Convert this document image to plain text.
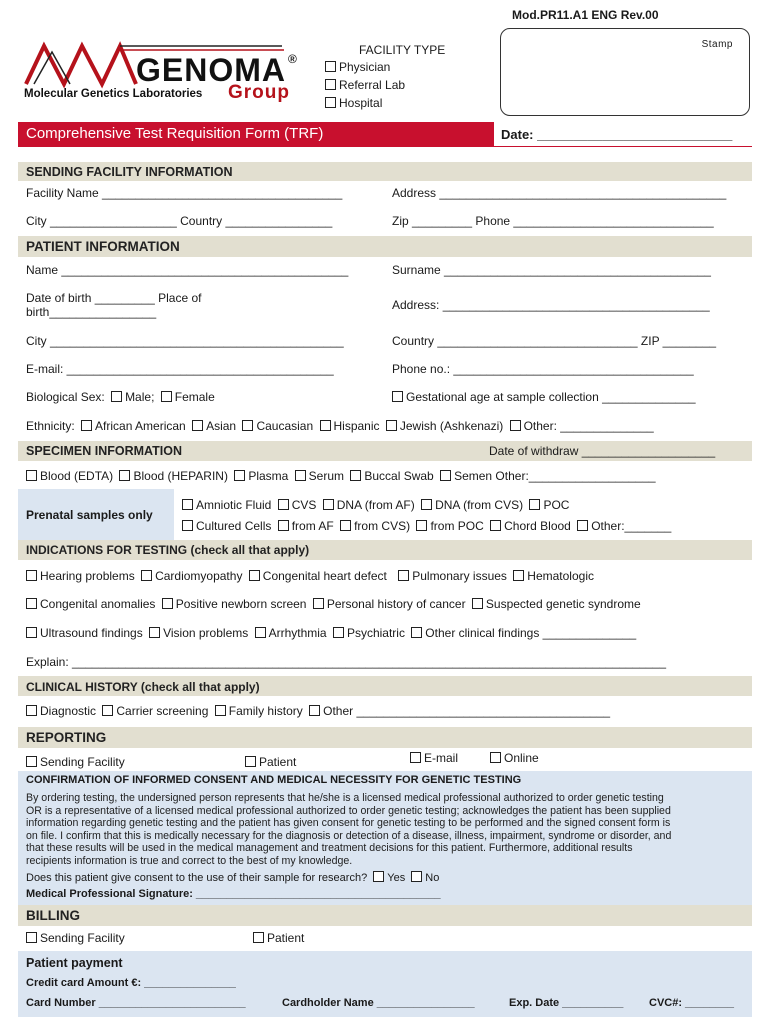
Mod.PR11.A1 ENG Rev.00
GENOMA ®
Molecular Genetics Laboratories Group
FACILITY TYPE
Physician
Referral Lab
Hospital
Stamp
Comprehensive Test Requisition Form (TRF)	Date: ___________________________
SENDING FACILITY INFORMATION
Facility Name ____________________________________	Address ___________________________________________
City ___________________ Country ________________	Zip _________ Phone ______________________________
PATIENT INFORMATION
Name ___________________________________________	Surname ________________________________________
Date of birth _________ Place of
birth________________	Address: ________________________________________
City ____________________________________________	Country ______________________________ ZIP ________
E-mail: ________________________________________	Phone no.: ____________________________________
Biological Sex: Male; Female	Gestational age at sample collection ______________
Ethnicity: African American Asian Caucasian Hispanic Jewish (Ashkenazi) Other: ______________
SPECIMEN INFORMATION	Date of withdraw ____________________
Blood (EDTA) Blood (HEPARIN) Plasma Serum Buccal Swab Semen Other:___________________
Prenatal samples only
Amniotic Fluid CVS DNA (from AF) DNA (from CVS) POC
Cultured Cells from AF from CVS) from POC Chord Blood Other:_______
INDICATIONS FOR TESTING (check all that apply)
Hearing problems Cardiomyopathy Congenital heart defect Pulmonary issues Hematologic
Congenital anomalies Positive newborn screen Personal history of cancer Suspected genetic syndrome
Ultrasound findings Vision problems Arrhythmia Psychiatric Other clinical findings ______________
Explain: _________________________________________________________________________________________
CLINICAL HISTORY (check all that apply)
Diagnostic Carrier screening Family history Other ______________________________________
REPORTING
Sending Facility	Patient	E-mail	Online
CONFIRMATION OF INFORMED CONSENT AND MEDICAL NECESSITY FOR GENETIC TESTING
By ordering testing, the undersigned person represents that he/she is a licensed medical professional authorized to order genetic testing
OR is a representative of a licensed medical professional authorized to order genetic testing; acknowledges the patient has been supplied
information regarding genetic testing and the patient has given consent for genetic testing to be performed and the signed consent form is
on file. I confirm that this is medically necessary for the diagnosis or detection of a disease, illness, impairment, syndrome or disorder, and
that these results will be used in the medical management and treatment decisions for this patient. Furthermore, additional results
recipients information is true and correct to the best of my knowledge.
Does this patient give consent to the use of their sample for research? Yes No
Medical Professional Signature: ________________________________________
BILLING
Sending Facility	Patient
Patient payment
Credit card Amount €: _______________
Card Number ________________________	Cardholder Name ________________	Exp. Date __________ CVC#: ________
